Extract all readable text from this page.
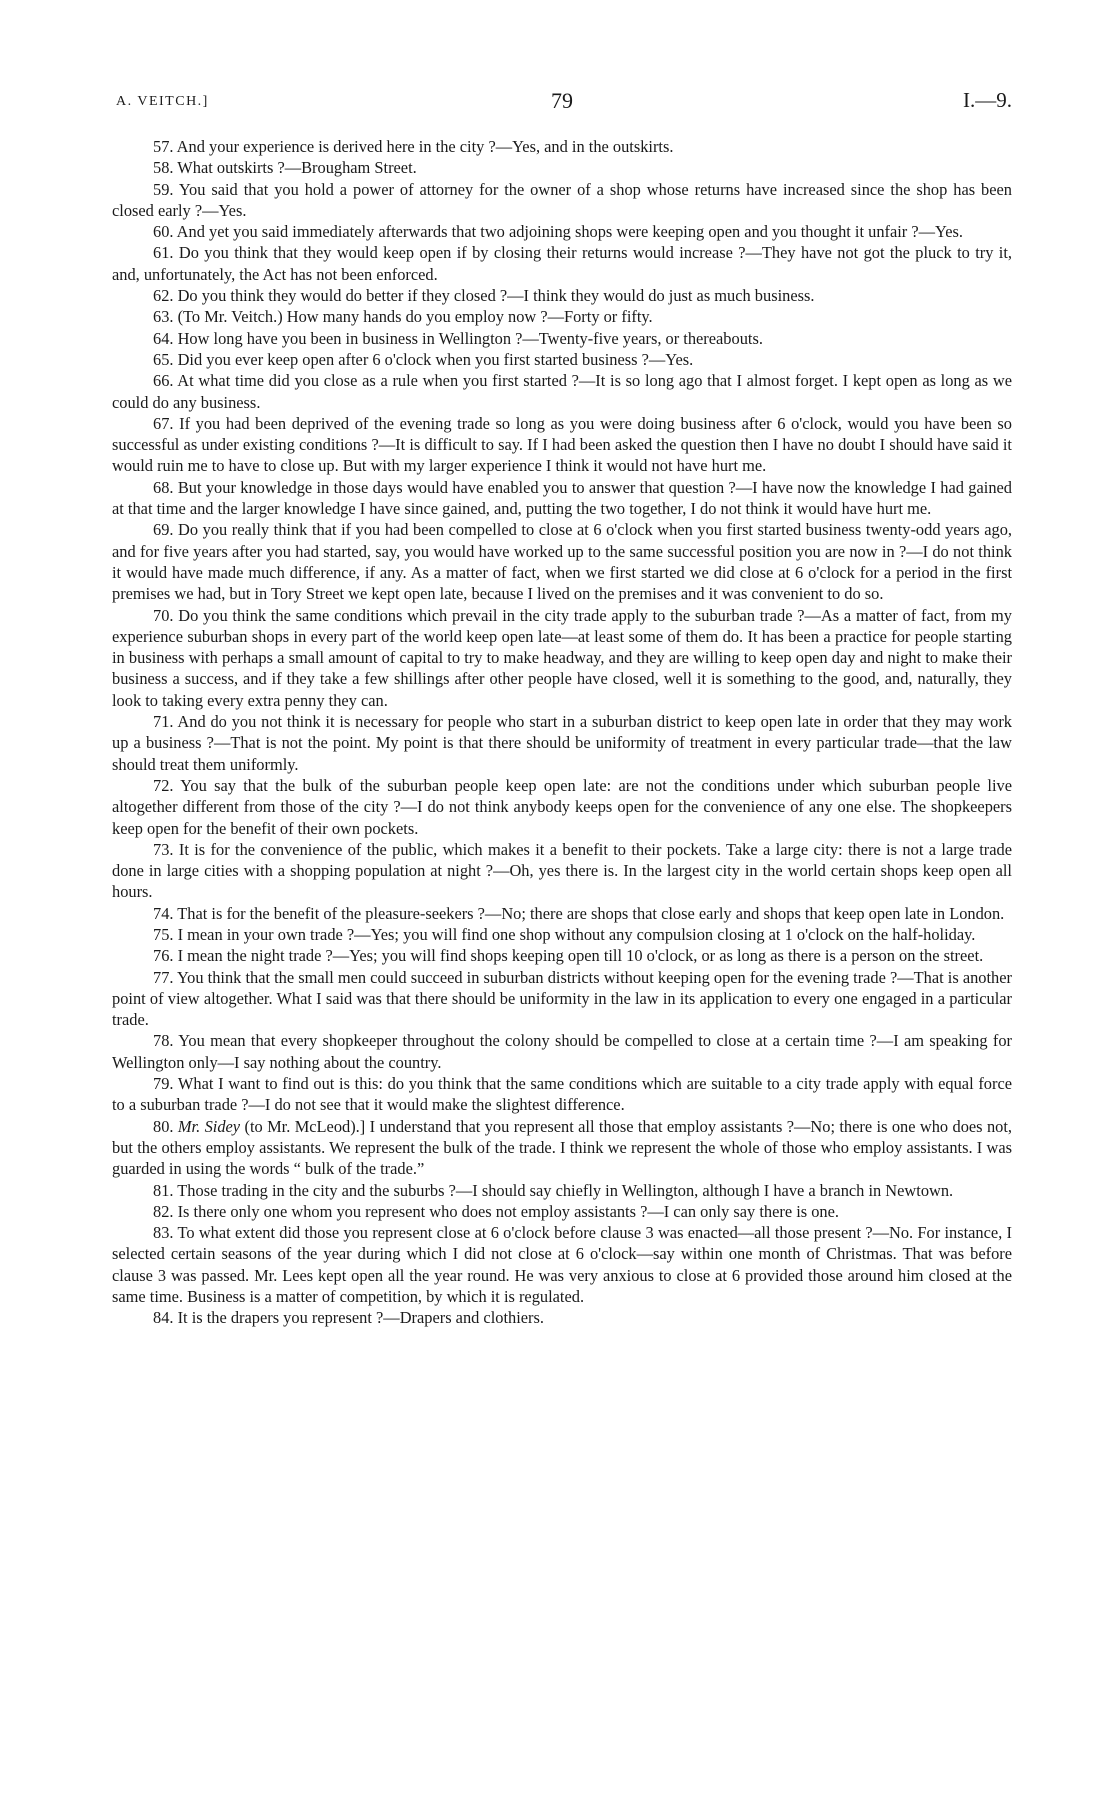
A. VEITCH.]	79	I.—9.

57. And your experience is derived here in the city ?—Yes, and in the outskirts.

58. What outskirts ?—Brougham Street.

59. You said that you hold a power of attorney for the owner of a shop whose returns have increased since the shop has been closed early ?—Yes.

60. And yet you said immediately afterwards that two adjoining shops were keeping open and you thought it unfair ?—Yes.

61. Do you think that they would keep open if by closing their returns would increase ?—They have not got the pluck to try it, and, unfortunately, the Act has not been enforced.

62. Do you think they would do better if they closed ?—I think they would do just as much business.

63. (To Mr. Veitch.) How many hands do you employ now ?—Forty or fifty.

64. How long have you been in business in Wellington ?—Twenty-five years, or thereabouts.

65. Did you ever keep open after 6 o'clock when you first started business ?—Yes.

66. At what time did you close as a rule when you first started ?—It is so long ago that I almost forget. I kept open as long as we could do any business.

67. If you had been deprived of the evening trade so long as you were doing business after 6 o'clock, would you have been so successful as under existing conditions ?—It is difficult to say. If I had been asked the question then I have no doubt I should have said it would ruin me to have to close up. But with my larger experience I think it would not have hurt me.

68. But your knowledge in those days would have enabled you to answer that question ?—I have now the knowledge I had gained at that time and the larger knowledge I have since gained, and, putting the two together, I do not think it would have hurt me.

69. Do you really think that if you had been compelled to close at 6 o'clock when you first started business twenty-odd years ago, and for five years after you had started, say, you would have worked up to the same successful position you are now in ?—I do not think it would have made much difference, if any. As a matter of fact, when we first started we did close at 6 o'clock for a period in the first premises we had, but in Tory Street we kept open late, because I lived on the premises and it was convenient to do so.

70. Do you think the same conditions which prevail in the city trade apply to the suburban trade ?—As a matter of fact, from my experience suburban shops in every part of the world keep open late—at least some of them do. It has been a practice for people starting in business with perhaps a small amount of capital to try to make headway, and they are willing to keep open day and night to make their business a success, and if they take a few shillings after other people have closed, well it is something to the good, and, naturally, they look to taking every extra penny they can.

71. And do you not think it is necessary for people who start in a suburban district to keep open late in order that they may work up a business ?—That is not the point. My point is that there should be uniformity of treatment in every particular trade—that the law should treat them uniformly.

72. You say that the bulk of the suburban people keep open late: are not the conditions under which suburban people live altogether different from those of the city ?—I do not think anybody keeps open for the convenience of any one else. The shopkeepers keep open for the benefit of their own pockets.

73. It is for the convenience of the public, which makes it a benefit to their pockets. Take a large city: there is not a large trade done in large cities with a shopping population at night ?—Oh, yes there is. In the largest city in the world certain shops keep open all hours.

74. That is for the benefit of the pleasure-seekers ?—No; there are shops that close early and shops that keep open late in London.

75. I mean in your own trade ?—Yes; you will find one shop without any compulsion closing at 1 o'clock on the half-holiday.

76. I mean the night trade ?—Yes; you will find shops keeping open till 10 o'clock, or as long as there is a person on the street.

77. You think that the small men could succeed in suburban districts without keeping open for the evening trade ?—That is another point of view altogether. What I said was that there should be uniformity in the law in its application to every one engaged in a particular trade.

78. You mean that every shopkeeper throughout the colony should be compelled to close at a certain time ?—I am speaking for Wellington only—I say nothing about the country.

79. What I want to find out is this: do you think that the same conditions which are suitable to a city trade apply with equal force to a suburban trade ?—I do not see that it would make the slightest difference.

80. Mr. Sidey (to Mr. McLeod).] I understand that you represent all those that employ assistants ?—No; there is one who does not, but the others employ assistants. We represent the bulk of the trade. I think we represent the whole of those who employ assistants. I was guarded in using the words “ bulk of the trade.”

81. Those trading in the city and the suburbs ?—I should say chiefly in Wellington, although I have a branch in Newtown.

82. Is there only one whom you represent who does not employ assistants ?—I can only say there is one.

83. To what extent did those you represent close at 6 o'clock before clause 3 was enacted—all those present ?—No. For instance, I selected certain seasons of the year during which I did not close at 6 o'clock—say within one month of Christmas. That was before clause 3 was passed. Mr. Lees kept open all the year round. He was very anxious to close at 6 provided those around him closed at the same time. Business is a matter of competition, by which it is regulated.

84. It is the drapers you represent ?—Drapers and clothiers.
